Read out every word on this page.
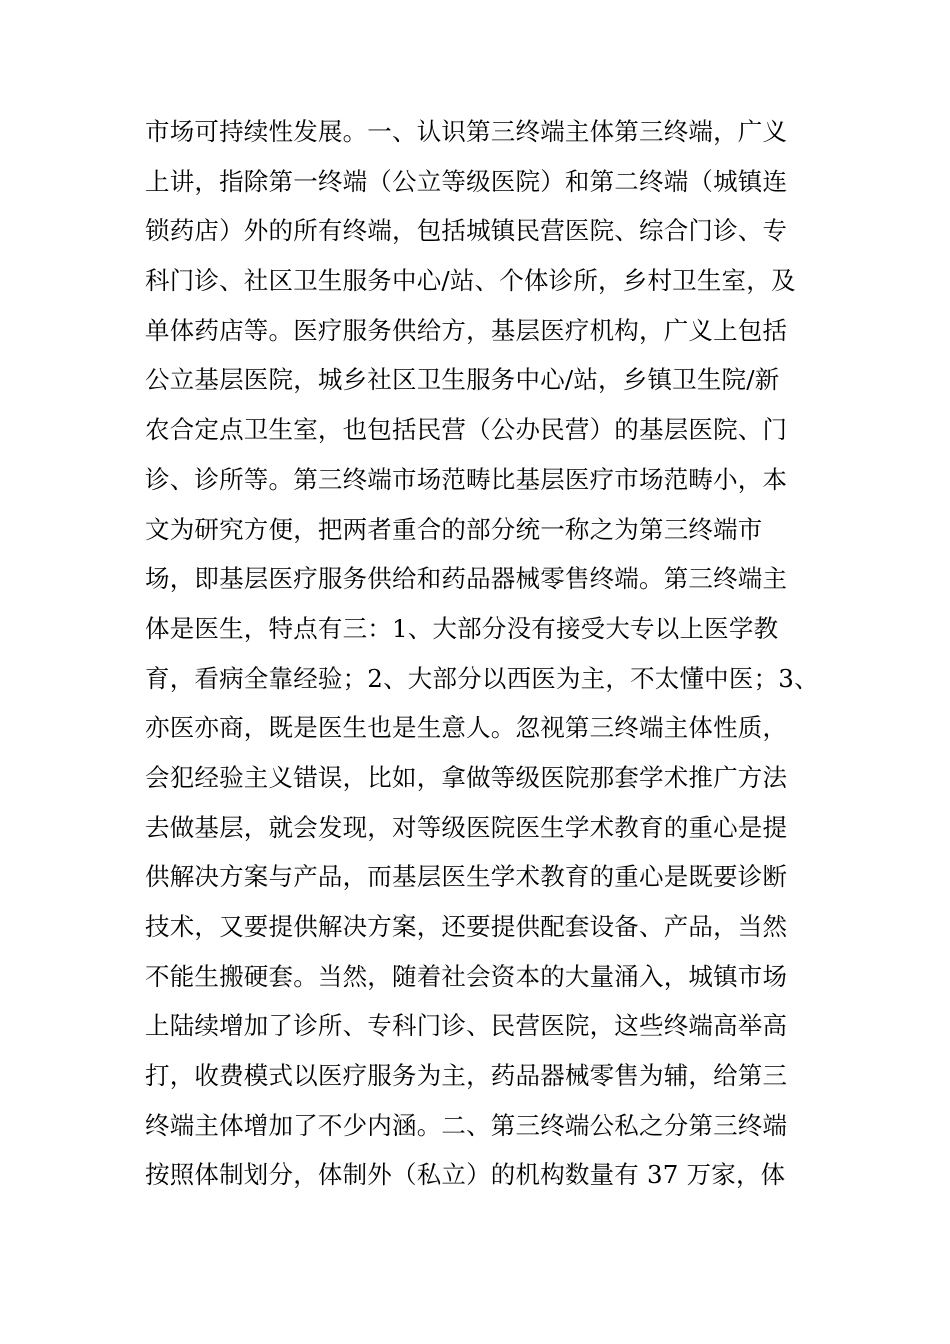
市场可持续性发展。一、认识第三终端主体第三终端，广义
上讲，指除第一终端（公立等级医院）和第二终端（城镇连
锁药店）外的所有终端，包括城镇民营医院、综合门诊、专
科门诊、社区卫生服务中心/站、个体诊所，乡村卫生室，及
单体药店等。医疗服务供给方，基层医疗机构，广义上包括
公立基层医院，城乡社区卫生服务中心/站，乡镇卫生院/新
农合定点卫生室，也包括民营（公办民营）的基层医院、门
诊、诊所等。第三终端市场范畴比基层医疗市场范畴小，本
文为研究方便，把两者重合的部分统一称之为第三终端市
场，即基层医疗服务供给和药品器械零售终端。第三终端主
体是医生，特点有三：1、大部分没有接受大专以上医学教
育，看病全靠经验；2、大部分以西医为主，不太懂中医；3、
亦医亦商，既是医生也是生意人。忽视第三终端主体性质，
会犯经验主义错误，比如，拿做等级医院那套学术推广方法
去做基层，就会发现，对等级医院医生学术教育的重心是提
供解决方案与产品，而基层医生学术教育的重心是既要诊断
技术，又要提供解决方案，还要提供配套设备、产品，当然
不能生搬硬套。当然，随着社会资本的大量涌入，城镇市场
上陆续增加了诊所、专科门诊、民营医院，这些终端高举高
打，收费模式以医疗服务为主，药品器械零售为辅，给第三
终端主体增加了不少内涵。二、第三终端公私之分第三终端
按照体制划分，体制外（私立）的机构数量有 37 万家，体
